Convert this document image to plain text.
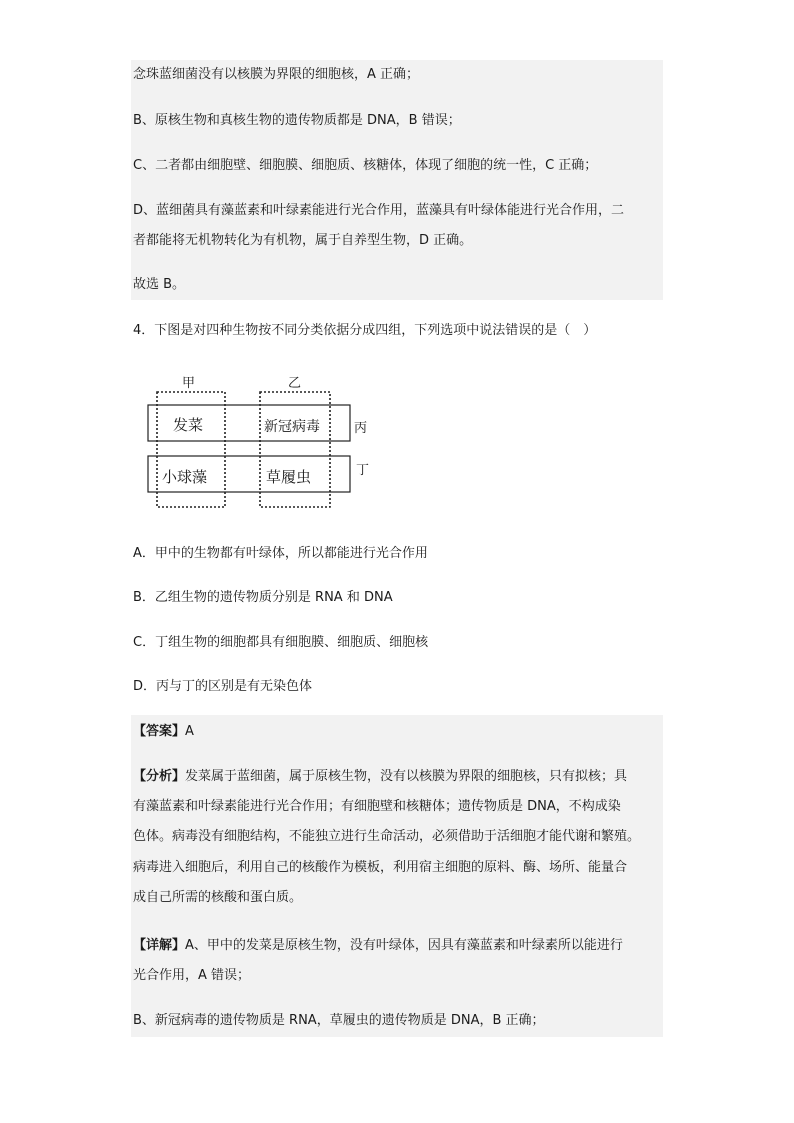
念珠蓝细菌没有以核膜为界限的细胞核，A 正确；
B、原核生物和真核生物的遗传物质都是 DNA，B 错误；
C、二者都由细胞壁、细胞膜、细胞质、核糖体，体现了细胞的统一性，C 正确；
D、蓝细菌具有藻蓝素和叶绿素能进行光合作用，蓝藻具有叶绿体能进行光合作用，二
者都能将无机物转化为有机物，属于自养型生物，D 正确。
故选 B。
4．下图是对四种生物按不同分类依据分成四组，下列选项中说法错误的是（　）
甲	乙
丙
丁
发菜	新冠病毒
小球藻	草履虫
A．甲中的生物都有叶绿体，所以都能进行光合作用
B．乙组生物的遗传物质分别是 RNA 和 DNA
C．丁组生物的细胞都具有细胞膜、细胞质、细胞核
D．丙与丁的区别是有无染色体
【答案】A
【分析】发菜属于蓝细菌，属于原核生物，没有以核膜为界限的细胞核，只有拟核；具
有藻蓝素和叶绿素能进行光合作用；有细胞壁和核糖体；遗传物质是 DNA，不构成染
色体。病毒没有细胞结构，不能独立进行生命活动，必须借助于活细胞才能代谢和繁殖。
病毒进入细胞后，利用自己的核酸作为模板，利用宿主细胞的原料、酶、场所、能量合
成自己所需的核酸和蛋白质。
【详解】A、甲中的发菜是原核生物，没有叶绿体，因具有藻蓝素和叶绿素所以能进行
光合作用，A 错误；
B、新冠病毒的遗传物质是 RNA，草履虫的遗传物质是 DNA，B 正确；
